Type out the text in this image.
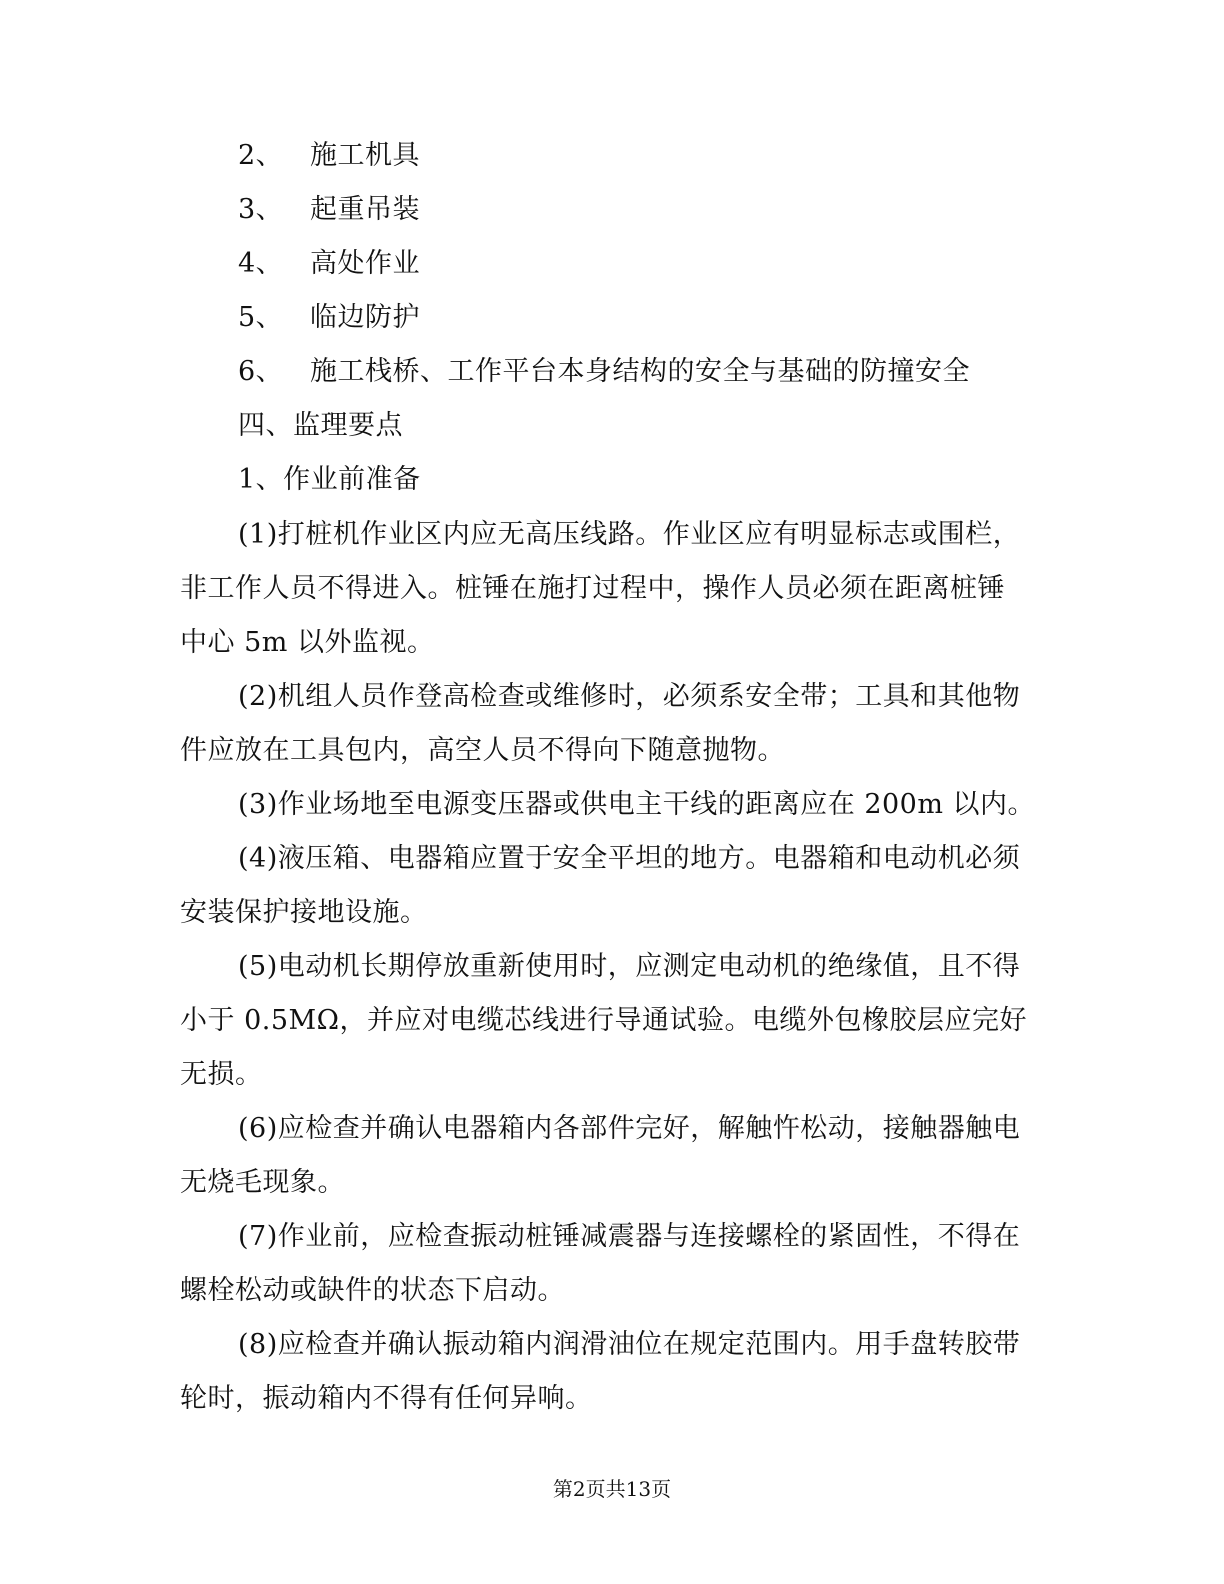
2、 施工机具
3、 起重吊装
4、 高处作业
5、 临边防护
6、 施工栈桥、工作平台本身结构的安全与基础的防撞安全
四、监理要点
1、作业前准备
(1)打桩机作业区内应无高压线路。作业区应有明显标志或围栏，
非工作人员不得进入。桩锤在施打过程中，操作人员必须在距离桩锤
中心 5m 以外监视。
(2)机组人员作登高检查或维修时，必须系安全带；工具和其他物
件应放在工具包内，高空人员不得向下随意抛物。
(3)作业场地至电源变压器或供电主干线的距离应在 200m 以内。
(4)液压箱、电器箱应置于安全平坦的地方。电器箱和电动机必须
安装保护接地设施。
(5)电动机长期停放重新使用时，应测定电动机的绝缘值，且不得
小于 0.5MΩ，并应对电缆芯线进行导通试验。电缆外包橡胶层应完好
无损。
(6)应检查并确认电器箱内各部件完好，解触忤松动，接触器触电
无烧毛现象。
(7)作业前，应检查振动桩锤减震器与连接螺栓的紧固性，不得在
螺栓松动或缺件的状态下启动。
(8)应检查并确认振动箱内润滑油位在规定范围内。用手盘转胶带
轮时，振动箱内不得有任何异响。
第2页共13页
